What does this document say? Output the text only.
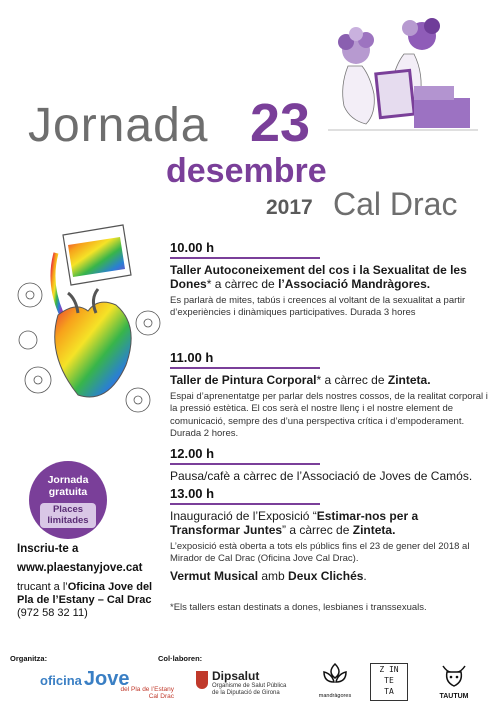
Jornada 23
desembre
2017 Cal Drac
10.00 h
Taller Autoconeixement del cos i la Sexualitat de les Dones* a càrrec de l’Associació Mandràgores.
Es parlarà de mites, tabús i creences al voltant de la sexualitat a partir d’experiències i dinàmiques participatives. Durada 3 hores
11.00 h
Taller de Pintura Corporal* a càrrec de Zinteta.
Espai d’aprenentatge per parlar dels nostres cossos, de la realitat corporal i la pressió estètica. El cos serà el nostre llenç i el nostre element de comunicació, sempre des d’una perspectiva crítica i d’empoderament. Durada 2 hores.
12.00 h
Pausa/cafè a càrrec de l’Associació de Joves de Camós.
13.00 h
Inauguració de l’Exposició “Estimar-nos per a Transformar Juntes” a càrrec de Zinteta.
L’exposició està oberta a tots els públics fins el 23 de gener del 2018 al Mirador de Cal Drac (Oficina Jove Cal Drac).
Vermut Musical amb Deux Clichés.
*Els tallers estan destinats a dones, lesbianes i transsexuals.
Jornada gratuita
Places limitades
Inscriu-te a
www.plaestanyjove.cat
trucant a l’Oficina Jove del Pla de l’Estany – Cal Drac
(972 58 32 11)
Organitza:	Col·laboren:
oficina Jove
del Pla de l’Estany
Cal Drac
Dipsalut
Organisme de Salut Pública
de la Diputació de Girona	mandràgores
Z IN
TE
TA
TAUTUM
